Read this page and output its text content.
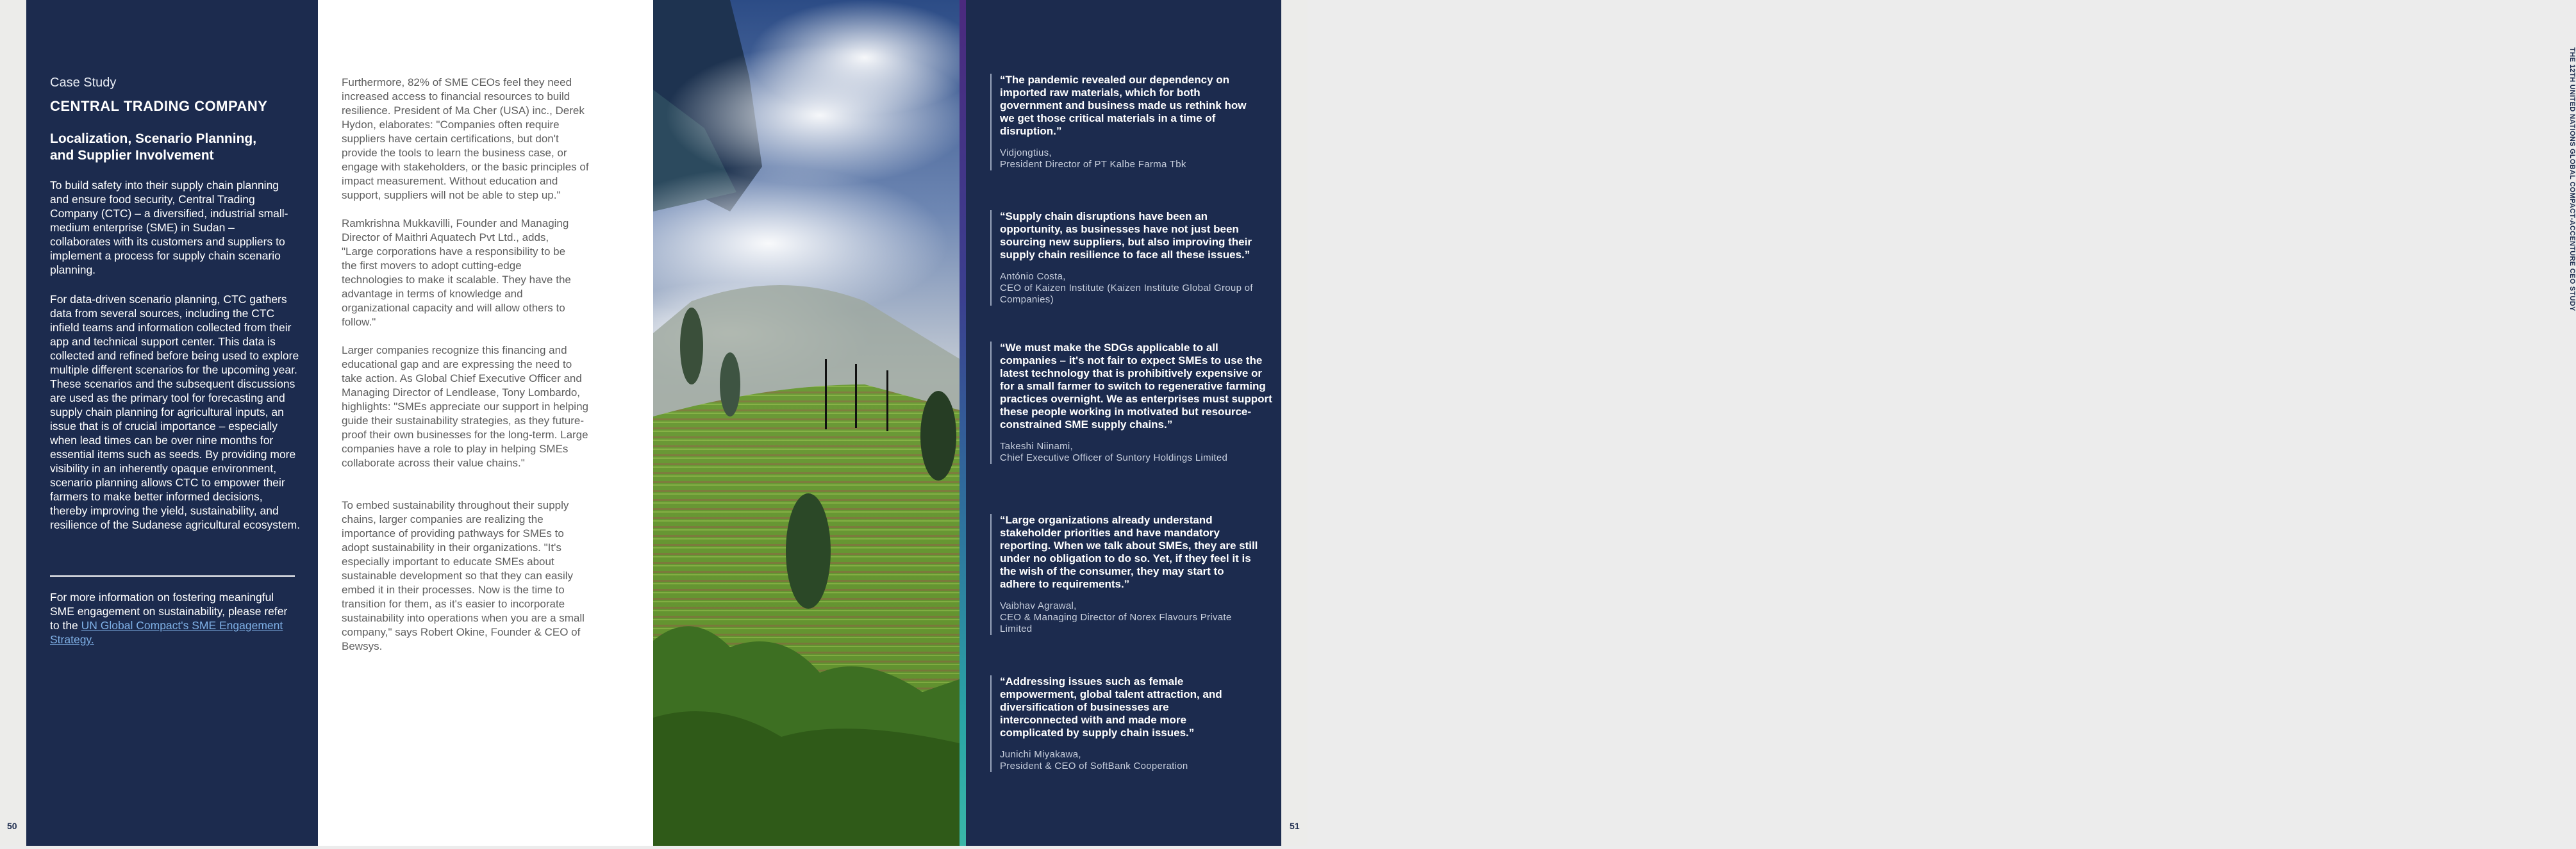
50
Case Study
CENTRAL TRADING COMPANY
Localization, Scenario Planning, and Supplier Involvement

To build safety into their supply chain planning and ensure food security, Central Trading Company (CTC) – a diversified, industrial small-medium enterprise (SME) in Sudan – collaborates with its customers and suppliers to implement a process for supply chain scenario planning.

For data-driven scenario planning, CTC gathers data from several sources, including the CTC infield teams and information collected from their app and technical support center. This data is collected and refined before being used to explore multiple different scenarios for the upcoming year. These scenarios and the subsequent discussions are used as the primary tool for forecasting and supply chain planning for agricultural inputs, an issue that is of crucial importance – especially when lead times can be over nine months for essential items such as seeds. By providing more visibility in an inherently opaque environment, scenario planning allows CTC to empower their farmers to make better informed decisions, thereby improving the yield, sustainability, and resilience of the Sudanese agricultural ecosystem.

For more information on fostering meaningful SME engagement on sustainability, please refer to the UN Global Compact's SME Engagement Strategy.

Furthermore, 82% of SME CEOs feel they need increased access to financial resources to build resilience. President of Ma Cher (USA) inc., Derek Hydon, elaborates: "Companies often require suppliers have certain certifications, but don't provide the tools to learn the business case, or engage with stakeholders, or the basic principles of impact measurement. Without education and support, suppliers will not be able to step up."

Ramkrishna Mukkavilli, Founder and Managing Director of Maithri Aquatech Pvt Ltd., adds, "Large corporations have a responsibility to be the first movers to adopt cutting-edge technologies to make it scalable. They have the advantage in terms of knowledge and organizational capacity and will allow others to follow."

Larger companies recognize this financing and educational gap and are expressing the need to take action. As Global Chief Executive Officer and Managing Director of Lendlease, Tony Lombardo, highlights: "SMEs appreciate our support in helping guide their sustainability strategies, as they future-proof their own businesses for the long-term. Large companies have a role to play in helping SMEs collaborate across their value chains."

To embed sustainability throughout their supply chains, larger companies are realizing the importance of providing pathways for SMEs to adopt sustainability in their organizations. "It's especially important to educate SMEs about sustainable development so that they can easily embed it in their processes. Now is the time to transition for them, as it's easier to incorporate sustainability into operations when you are a small company," says Robert Okine, Founder & CEO of Bewsys.

“The pandemic revealed our dependency on imported raw materials, which for both government and business made us rethink how we get those critical materials in a time of disruption.”

Vidjongtius,
President Director of PT Kalbe Farma Tbk

“Supply chain disruptions have been an opportunity, as businesses have not just been sourcing new suppliers, but also improving their supply chain resilience to face all these issues.”

António Costa,
CEO of Kaizen Institute (Kaizen Institute Global Group of Companies)

“We must make the SDGs applicable to all companies – it's not fair to expect SMEs to use the latest technology that is prohibitively expensive or for a small farmer to switch to regenerative farming practices overnight. We as enterprises must support these people working in motivated but resource-constrained SME supply chains.”

Takeshi Niinami,
Chief Executive Officer of Suntory Holdings Limited

“Large organizations already understand stakeholder priorities and have mandatory reporting. When we talk about SMEs, they are still under no obligation to do so. Yet, if they feel it is the wish of the consumer, they may start to adhere to requirements.”

Vaibhav Agrawal,
CEO & Managing Director of Norex Flavours Private Limited

“Addressing issues such as female empowerment, global talent attraction, and diversification of businesses are interconnected with and made more complicated by supply chain issues.”

Junichi Miyakawa,
President & CEO of SoftBank Cooperation
THE 12TH UNITED NATIONS GLOBAL COMPACT-ACCENTURE CEO STUDY
51
